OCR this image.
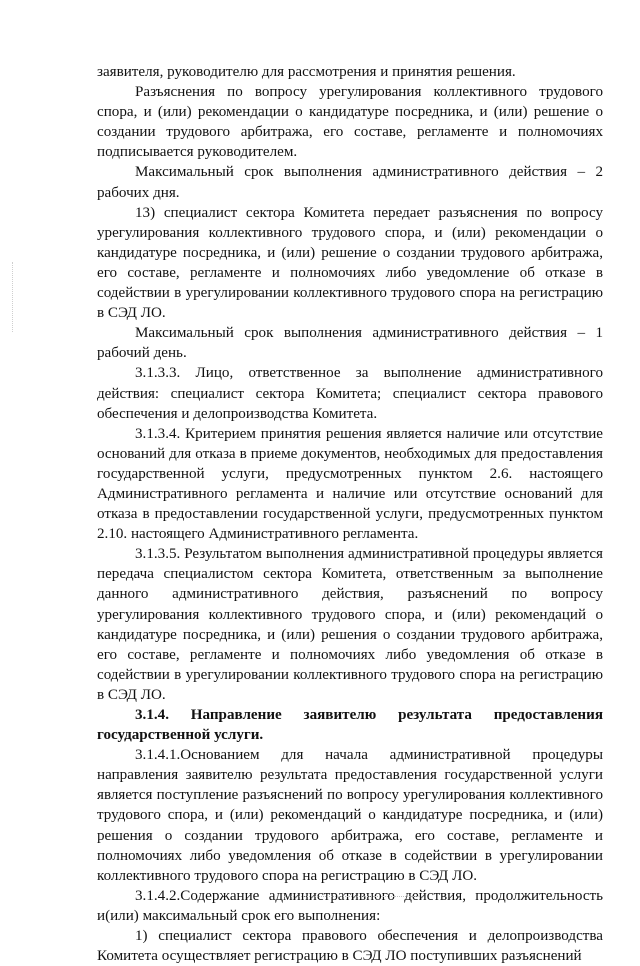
заявителя, руководителю для рассмотрения и принятия решения.

Разъяснения по вопросу урегулирования коллективного трудового спора, и (или) рекомендации о кандидатуре посредника, и (или) решение о создании трудового арбитража, его составе, регламенте и полномочиях подписывается руководителем.

Максимальный срок выполнения административного действия – 2 рабочих дня.

13) специалист сектора Комитета передает разъяснения по вопросу урегулирования коллективного трудового спора, и (или) рекомендации о кандидатуре посредника, и (или) решение о создании трудового арбитража, его составе, регламенте и полномочиях либо уведомление об отказе в содействии в урегулировании коллективного трудового спора на регистрацию в СЭД ЛО.

Максимальный срок выполнения административного действия – 1 рабочий день.

3.1.3.3. Лицо, ответственное за выполнение административного действия: специалист сектора Комитета; специалист сектора правового обеспечения и делопроизводства Комитета.

3.1.3.4. Критерием принятия решения является наличие или отсутствие оснований для отказа в приеме документов, необходимых для предоставления государственной услуги, предусмотренных пунктом 2.6. настоящего Административного регламента и наличие или отсутствие оснований для отказа в предоставлении государственной услуги, предусмотренных пунктом 2.10. настоящего Административного регламента.

3.1.3.5. Результатом выполнения административной процедуры является передача специалистом сектора Комитета, ответственным за выполнение данного административного действия, разъяснений по вопросу урегулирования коллективного трудового спора, и (или) рекомендаций о кандидатуре посредника, и (или) решения о создании трудового арбитража, его составе, регламенте и полномочиях либо уведомления об отказе в содействии в урегулировании коллективного трудового спора на регистрацию в СЭД ЛО.

3.1.4. Направление заявителю результата предоставления государственной услуги.

3.1.4.1.Основанием для начала административной процедуры направления заявителю результата предоставления государственной услуги является поступление разъяснений по вопросу урегулирования коллективного трудового спора, и (или) рекомендаций о кандидатуре посредника, и (или) решения о создании трудового арбитража, его составе, регламенте и полномочиях либо уведомления об отказе в содействии в урегулировании коллективного трудового спора на регистрацию в СЭД ЛО.

3.1.4.2.Содержание административного действия, продолжительность и(или) максимальный срок его выполнения:

1) специалист сектора правового обеспечения и делопроизводства Комитета осуществляет регистрацию в СЭД ЛО поступивших разъяснений
